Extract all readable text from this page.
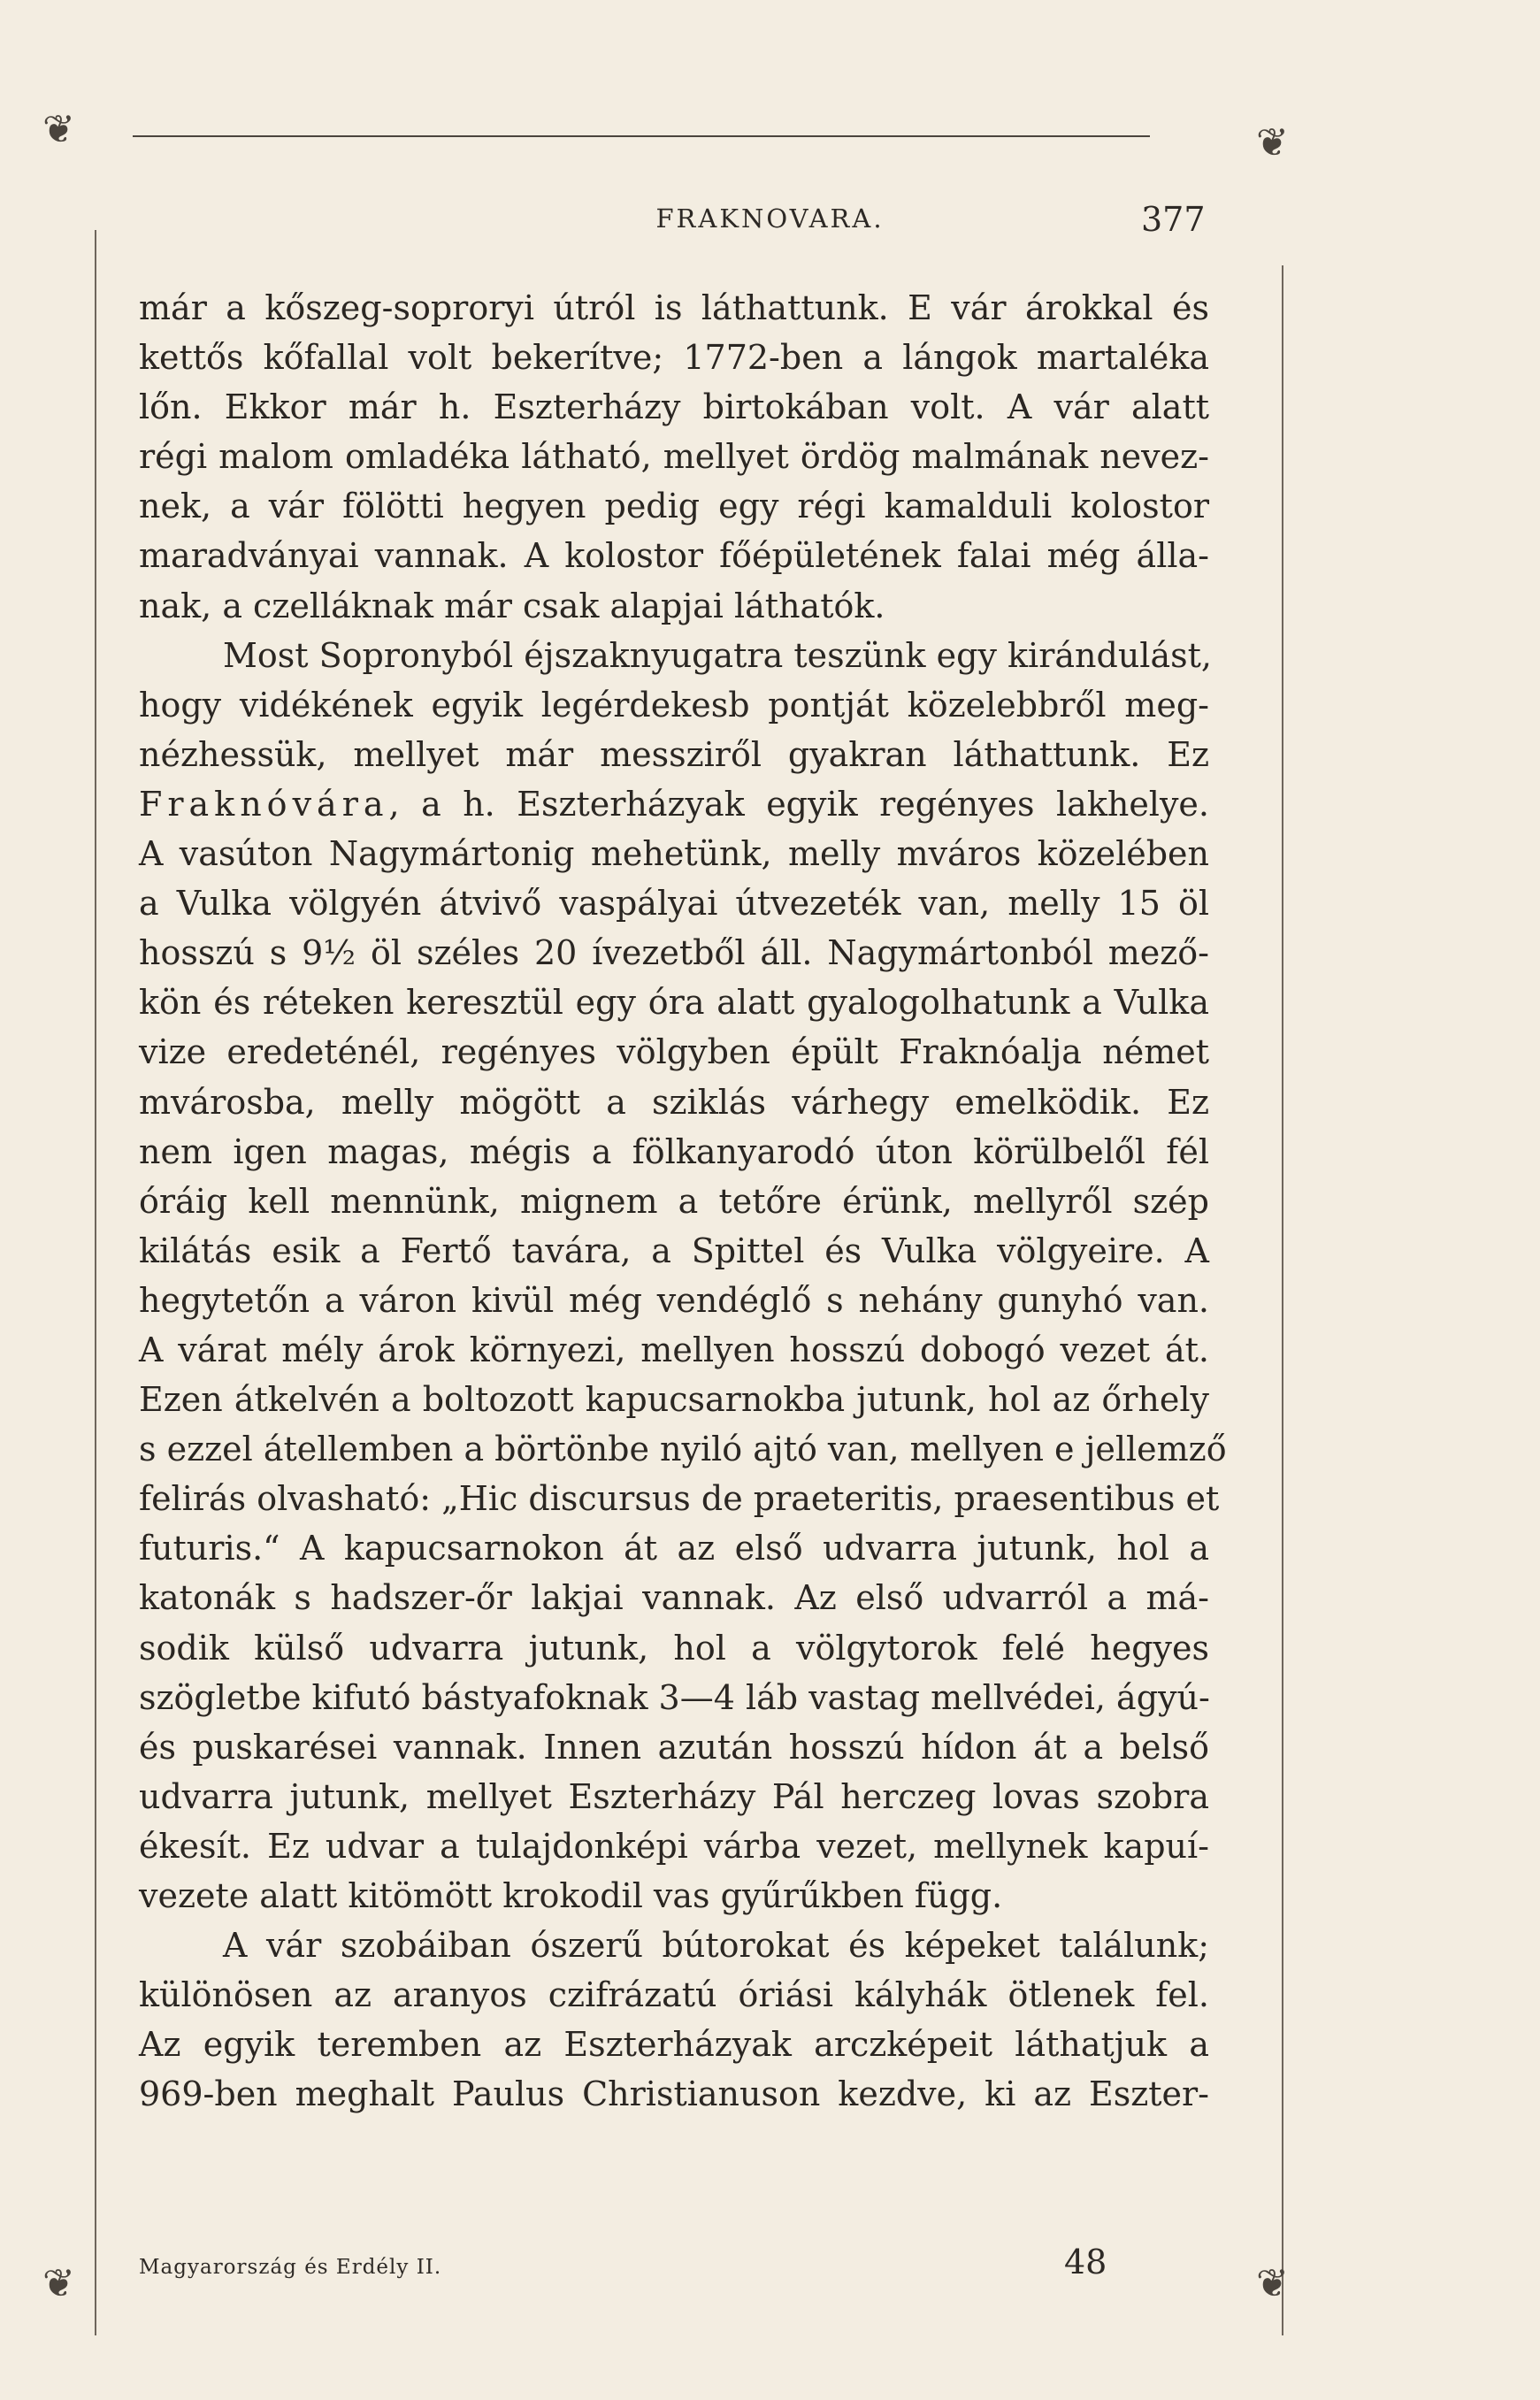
❦	❦
FRAKNOVARA.	377
már a kőszeg-soproryi útról is láthattunk. E vár árokkal és
kettős kőfallal volt bekerítve; 1772-ben a lángok martaléka
lőn. Ekkor már h. Eszterházy birtokában volt. A vár alatt
régi malom omladéka látható, mellyet ördög malmának nevez-
nek, a vár fölötti hegyen pedig egy régi kamalduli kolostor
maradványai vannak. A kolostor főépületének falai még álla-
nak, a czelláknak már csak alapjai láthatók.
Most Sopronyból éjszaknyugatra teszünk egy kirándulást,
hogy vidékének egyik legérdekesb pontját közelebbről meg-
nézhessük, mellyet már messziről gyakran láthattunk. Ez
Fraknóvára, a h. Eszterházyak egyik regényes lakhelye.
A vasúton Nagymártonig mehetünk, melly mváros közelében
a Vulka völgyén átvivő vaspályai útvezeték van, melly 15 öl
hosszú s 9½ öl széles 20 ívezetből áll. Nagymártonból mező-
kön és réteken keresztül egy óra alatt gyalogolhatunk a Vulka
vize eredeténél, regényes völgyben épült Fraknóalja német
mvárosba, melly mögött a sziklás várhegy emelködik. Ez
nem igen magas, mégis a fölkanyarodó úton körülbelől fél
óráig kell mennünk, mignem a tetőre érünk, mellyről szép
kilátás esik a Fertő tavára, a Spittel és Vulka völgyeire. A
hegytetőn a váron kivül még vendéglő s nehány gunyhó van.
A várat mély árok környezi, mellyen hosszú dobogó vezet át.
Ezen átkelvén a boltozott kapucsarnokba jutunk, hol az őrhely
s ezzel átellemben a börtönbe nyiló ajtó van, mellyen e jellemző
felirás olvasható: „Hic discursus de praeteritis, praesentibus et
futuris.“ A kapucsarnokon át az első udvarra jutunk, hol a
katonák s hadszer-őr lakjai vannak. Az első udvarról a má-
sodik külső udvarra jutunk, hol a völgytorok felé hegyes
szögletbe kifutó bástyafoknak 3—4 láb vastag mellvédei, ágyú-
és puskarései vannak. Innen azután hosszú hídon át a belső
udvarra jutunk, mellyet Eszterházy Pál herczeg lovas szobra
ékesít. Ez udvar a tulajdonképi várba vezet, mellynek kapuí-
vezete alatt kitömött krokodil vas gyűrűkben függ.
A vár szobáiban ószerű bútorokat és képeket találunk;
különösen az aranyos czifrázatú óriási kályhák ötlenek fel.
Az egyik teremben az Eszterházyak arczképeit láthatjuk a
969-ben meghalt Paulus Christianuson kezdve, ki az Eszter-
❦	❦
Magyarország és Erdély II.	48
